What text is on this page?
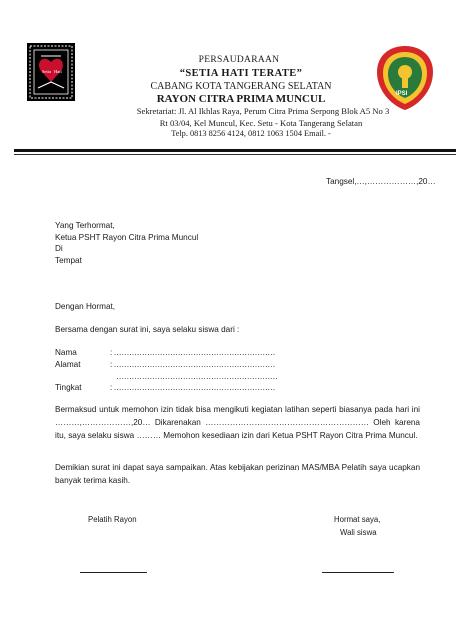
Setia Hati
PERSAUDARAAN
“SETIA HATI TERATE”
CABANG KOTA TANGERANG SELATAN
RAYON CITRA PRIMA MUNCUL
Sekretariat: Jl. Al Ikhlas Raya, Perum Citra Prima Serpong Blok A5 No 3
Rt 03/04, Kel Muncul, Kec. Setu - Kota Tangerang Selatan
Telp. 0813 8256 4124, 0812 1063 1504 Email. -
IPSI
Tangsel,…,………………,20…
Yang Terhormat,
Ketua PSHT Rayon Citra Prima Muncul
Di
Tempat
Dengan Hormat,
Bersama dengan surat ini, saya selaku siswa dari :
Nama	: ………………………………………………………
Alamat	: ………………………………………………………
………………………………………………………
Tingkat	: ………………………………………………………
Bermaksud untuk memohon izin tidak bisa mengikuti kegiatan latihan seperti biasanya pada hari ini ………,………………,20… Dikarenakan …………………………………………………… Oleh karena itu, saya selaku siswa ……… Memohon kesediaan izin dari Ketua PSHT Rayon Citra Prima Muncul.
Demikian surat ini dapat saya sampaikan. Atas kebijakan perizinan MAS/MBA Pelatih saya ucapkan banyak terima kasih.
Pelatih Rayon	Hormat saya,
Wali siswa
